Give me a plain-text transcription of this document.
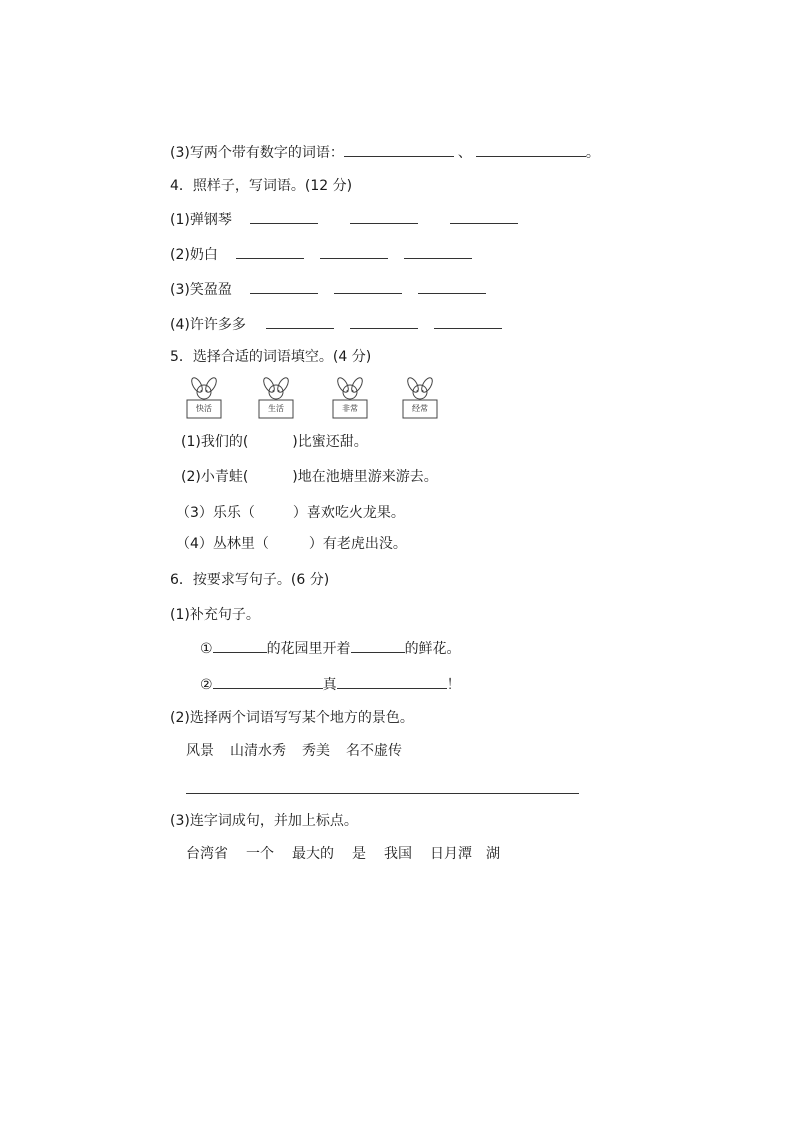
(3)写两个带有数字的词语：	、	。
4．照样子，写词语。(12 分)
(1)弹钢琴
(2)奶白
(3)笑盈盈
(4)许许多多
5．选择合适的词语填空。(4 分)
快活	生活	非常	经常
(1)我们的(	)比蜜还甜。
(2)小青蛙(	)地在池塘里游来游去。
（3）乐乐（	）喜欢吃火龙果。
（4）丛林里（	）有老虎出没。
6．按要求写句子。(6 分)
(1)补充句子。
①	的花园里开着	的鲜花。
②	真	！
(2)选择两个词语写写某个地方的景色。
风景 山清水秀 秀美 名不虚传
(3)连字词成句，并加上标点。
台湾省 一个 最大的 是 我国 日月潭 湖
